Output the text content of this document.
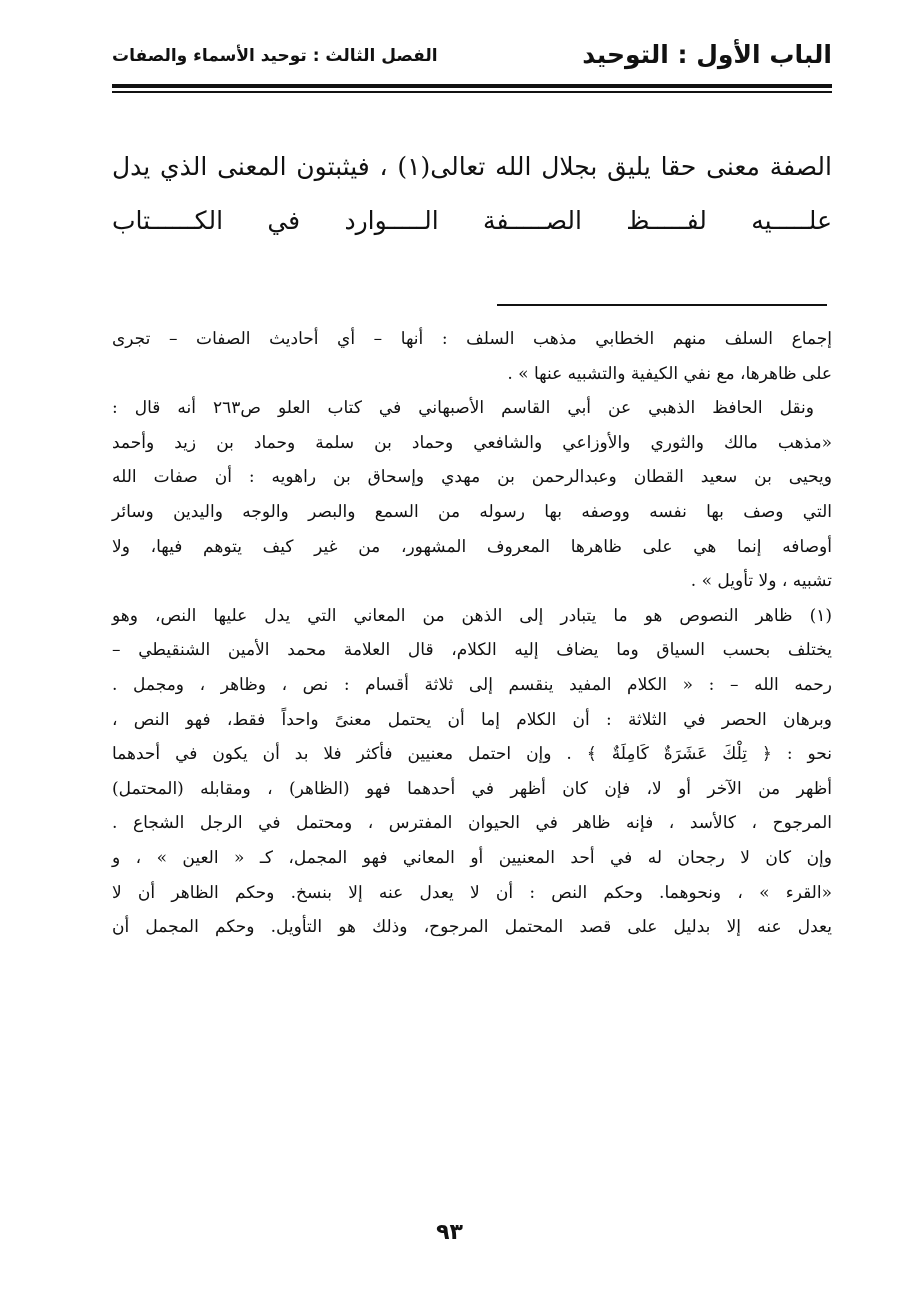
الباب الأول : التوحيد
الفصل الثالث : توحيد الأسماء والصفات
الصفة معنى حقا يليق بجلال الله تعالى(١) ، فيثبتون المعنى الذي يدل
علـــــيه لفـــــظ الصـــــفة الـــــوارد في الكــــــتاب
إجماع السلف منهم الخطابي مذهب السلف : أنها – أي أحاديث الصفات – تجرى
على ظاهرها، مع نفي الكيفية والتشبيه عنها » .
ونقل الحافظ الذهبي عن أبي القاسم الأصبهاني في كتاب العلو ص٢٦٣ أنه قال :
«مذهب مالك والثوري والأوزاعي والشافعي وحماد بن سلمة وحماد بن زيد وأحمد
ويحيى بن سعيد القطان وعبدالرحمن بن مهدي وإسحاق بن راهويه : أن صفات الله
التي وصف بها نفسه ووصفه بها رسوله من السمع والبصر والوجه واليدين وسائر
أوصافه إنما هي على ظاهرها المعروف المشهور، من غير كيف يتوهم فيها، ولا
تشبيه ، ولا تأويل » .
(١) ظاهر النصوص هو ما يتبادر إلى الذهن من المعاني التي يدل عليها النص، وهو
يختلف بحسب السياق وما يضاف إليه الكلام، قال العلامة محمد الأمين الشنقيطي –
رحمه الله – : « الكلام المفيد ينقسم إلى ثلاثة أقسام : نص ، وظاهر ، ومجمل .
وبرهان الحصر في الثلاثة : أن الكلام إما أن يحتمل معنىً واحداً فقط، فهو النص ،
نحو : ﴿ تِلْكَ عَشَرَةٌ كَامِلَةٌ ﴾ . وإن احتمل معنيين فأكثر فلا بد أن يكون في أحدهما
أظهر من الآخر أو لا، فإن كان أظهر في أحدهما فهو (الظاهر) ، ومقابله (المحتمل)
المرجوح ، كالأسد ، فإنه ظاهر في الحيوان المفترس ، ومحتمل في الرجل الشجاع .
وإن كان لا رجحان له في أحد المعنيين أو المعاني فهو المجمل، كـ « العين » ، و
«القرء » ، ونحوهما. وحكم النص : أن لا يعدل عنه إلا بنسخ. وحكم الظاهر أن لا
يعدل عنه إلا بدليل على قصد المحتمل المرجوح، وذلك هو التأويل. وحكم المجمل أن
٩٣
